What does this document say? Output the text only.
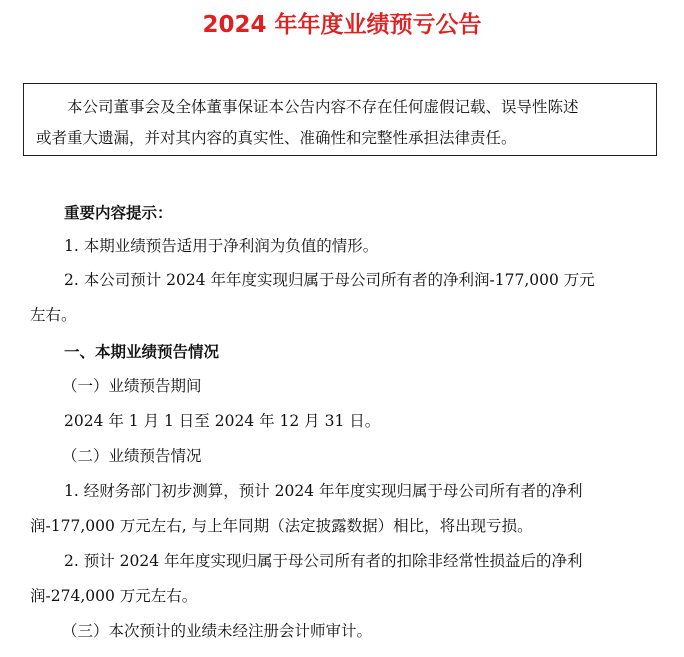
2024 年年度业绩预亏公告

本公司董事会及全体董事保证本公告内容不存在任何虚假记载、误导性陈述

或者重大遗漏，并对其内容的真实性、准确性和完整性承担法律责任。

重要内容提示：

1. 本期业绩预告适用于净利润为负值的情形。

2. 本公司预计 2024 年年度实现归属于母公司所有者的净利润-177,000 万元

左右。

一、本期业绩预告情况

（一）业绩预告期间

2024 年 1 月 1 日至 2024 年 12 月 31 日。

（二）业绩预告情况

1. 经财务部门初步测算，预计 2024 年年度实现归属于母公司所有者的净利

润-177,000 万元左右, 与上年同期（法定披露数据）相比，将出现亏损。

2. 预计 2024 年年度实现归属于母公司所有者的扣除非经常性损益后的净利

润-274,000 万元左右。

（三）本次预计的业绩未经注册会计师审计。
